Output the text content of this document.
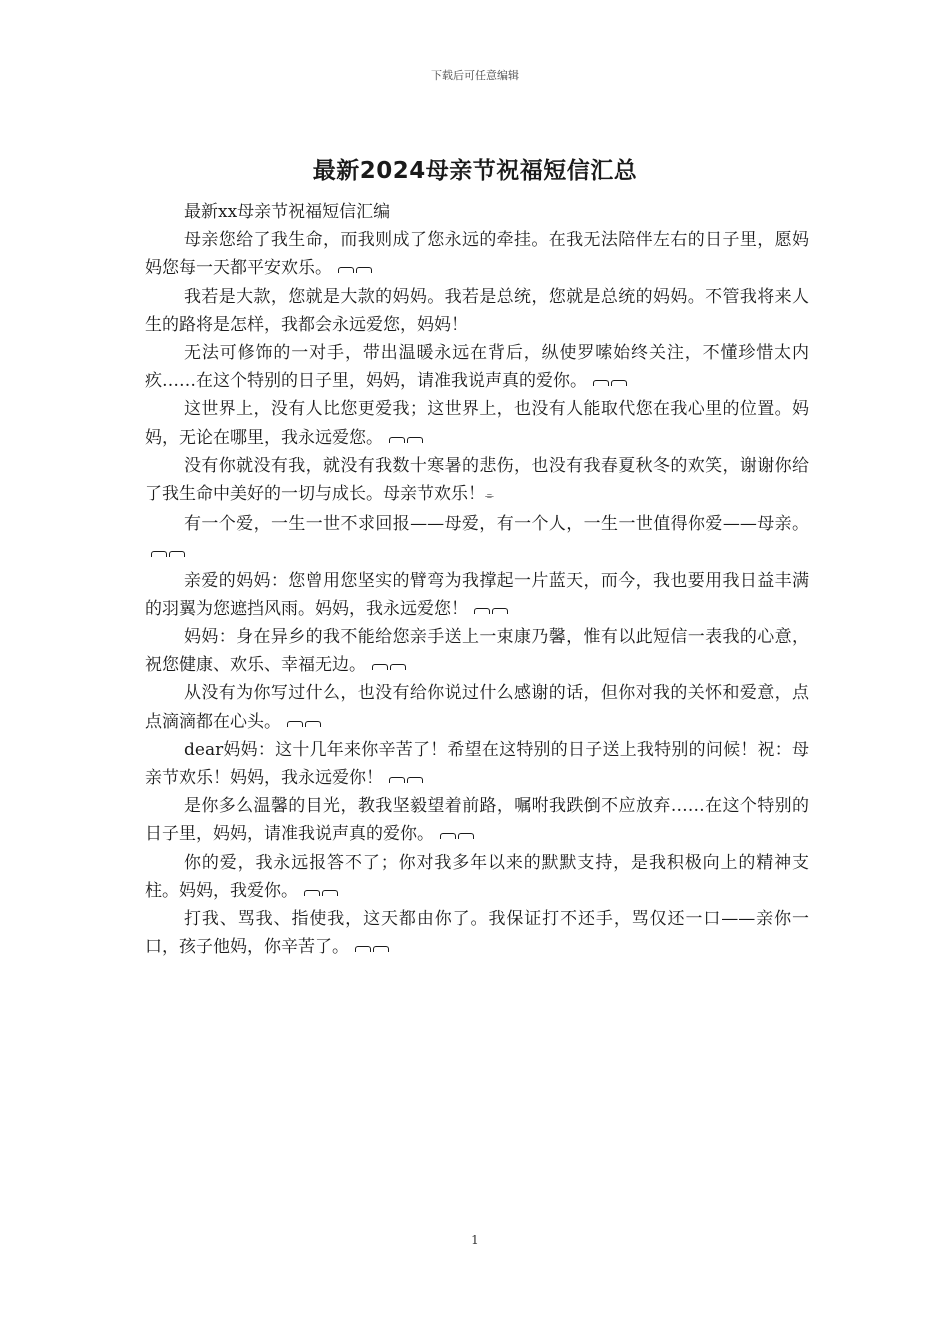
下载后可任意编辑
最新2024母亲节祝福短信汇总

最新xx母亲节祝福短信汇编

母亲您给了我生命，而我则成了您永远的牵挂。在我无法陪伴左右的日子里，愿妈妈您每一天都平安欢乐。

我若是大款，您就是大款的妈妈。我若是总统，您就是总统的妈妈。不管我将来人生的路将是怎样，我都会永远爱您，妈妈！

无法可修饰的一对手，带出温暖永远在背后，纵使罗嗦始终关注，不懂珍惜太内疚……在这个特别的日子里，妈妈，请准我说声真的爱你。

这世界上，没有人比您更爱我；这世界上，也没有人能取代您在我心里的位置。妈妈，无论在哪里，我永远爱您。

没有你就没有我，就没有我数十寒暑的悲伤，也没有我春夏秋冬的欢笑，谢谢你给了我生命中美好的一切与成长。母亲节欢乐！⌯

有一个爱，一生一世不求回报——母爱，有一个人，一生一世值得你爱——母亲。

亲爱的妈妈：您曾用您坚实的臂弯为我撑起一片蓝天，而今，我也要用我日益丰满的羽翼为您遮挡风雨。妈妈，我永远爱您！

妈妈：身在异乡的我不能给您亲手送上一束康乃馨，惟有以此短信一表我的心意，祝您健康、欢乐、幸福无边。

从没有为你写过什么，也没有给你说过什么感谢的话，但你对我的关怀和爱意，点点滴滴都在心头。

dear妈妈：这十几年来你辛苦了！希望在这特别的日子送上我特别的问候！祝：母亲节欢乐！妈妈，我永远爱你！

是你多么温馨的目光，教我坚毅望着前路，嘱咐我跌倒不应放弃……在这个特别的日子里，妈妈，请准我说声真的爱你。

你的爱，我永远报答不了；你对我多年以来的默默支持，是我积极向上的精神支柱。妈妈，我爱你。

打我、骂我、指使我，这天都由你了。我保证打不还手，骂仅还一口——亲你一口，孩子他妈，你辛苦了。

1
